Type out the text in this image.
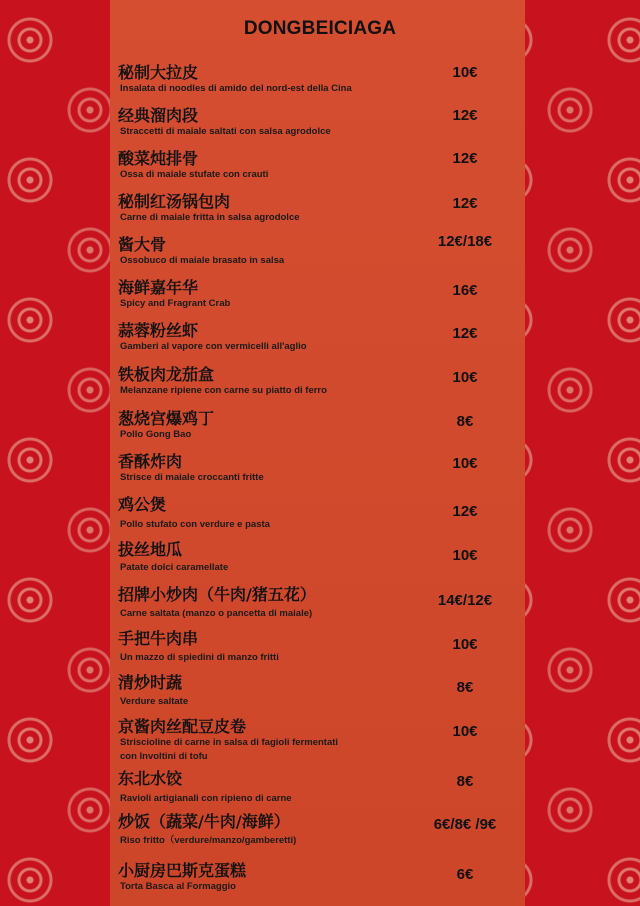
DONGBEICIAGA
秘制大拉皮
Insalata di noodles di amido del nord-est della Cina
10€
经典溜肉段
Straccetti di maiale saltati con salsa agrodolce
12€
酸菜炖排骨
Ossa di maiale stufate con crauti
12€
秘制红汤锅包肉
Carne di maiale fritta in salsa agrodolce
12€
酱大骨
Ossobuco di maiale brasato in salsa
12€/18€
海鲜嘉年华
Spicy and Fragrant Crab
16€
蒜蓉粉丝虾
Gamberi al vapore con vermicelli all'aglio
12€
铁板肉龙茄盒
Melanzane ripiene con carne su piatto di ferro
10€
葱烧宫爆鸡丁
Pollo Gong Bao
8€
香酥炸肉
Strisce di maiale croccanti fritte
10€
鸡公煲
Pollo stufato con verdure e pasta
12€
拔丝地瓜
Patate dolci caramellate
10€
招牌小炒肉（牛肉/猪五花）
Carne saltata (manzo o pancetta di maiale)
14€/12€
手把牛肉串
Un mazzo di spiedini di manzo fritti
10€
清炒时蔬
Verdure saltate
8€
京酱肉丝配豆皮卷
Striscioline di carne in salsa di fagioli fermentati
con Involtini di tofu
10€
东北水饺
Ravioli artigianali con ripieno di carne
8€
炒饭（蔬菜/牛肉/海鲜）
Riso fritto（verdure/manzo/gamberetti)
6€/8€ /9€
小厨房巴斯克蛋糕
Torta Basca al Formaggio
6€
